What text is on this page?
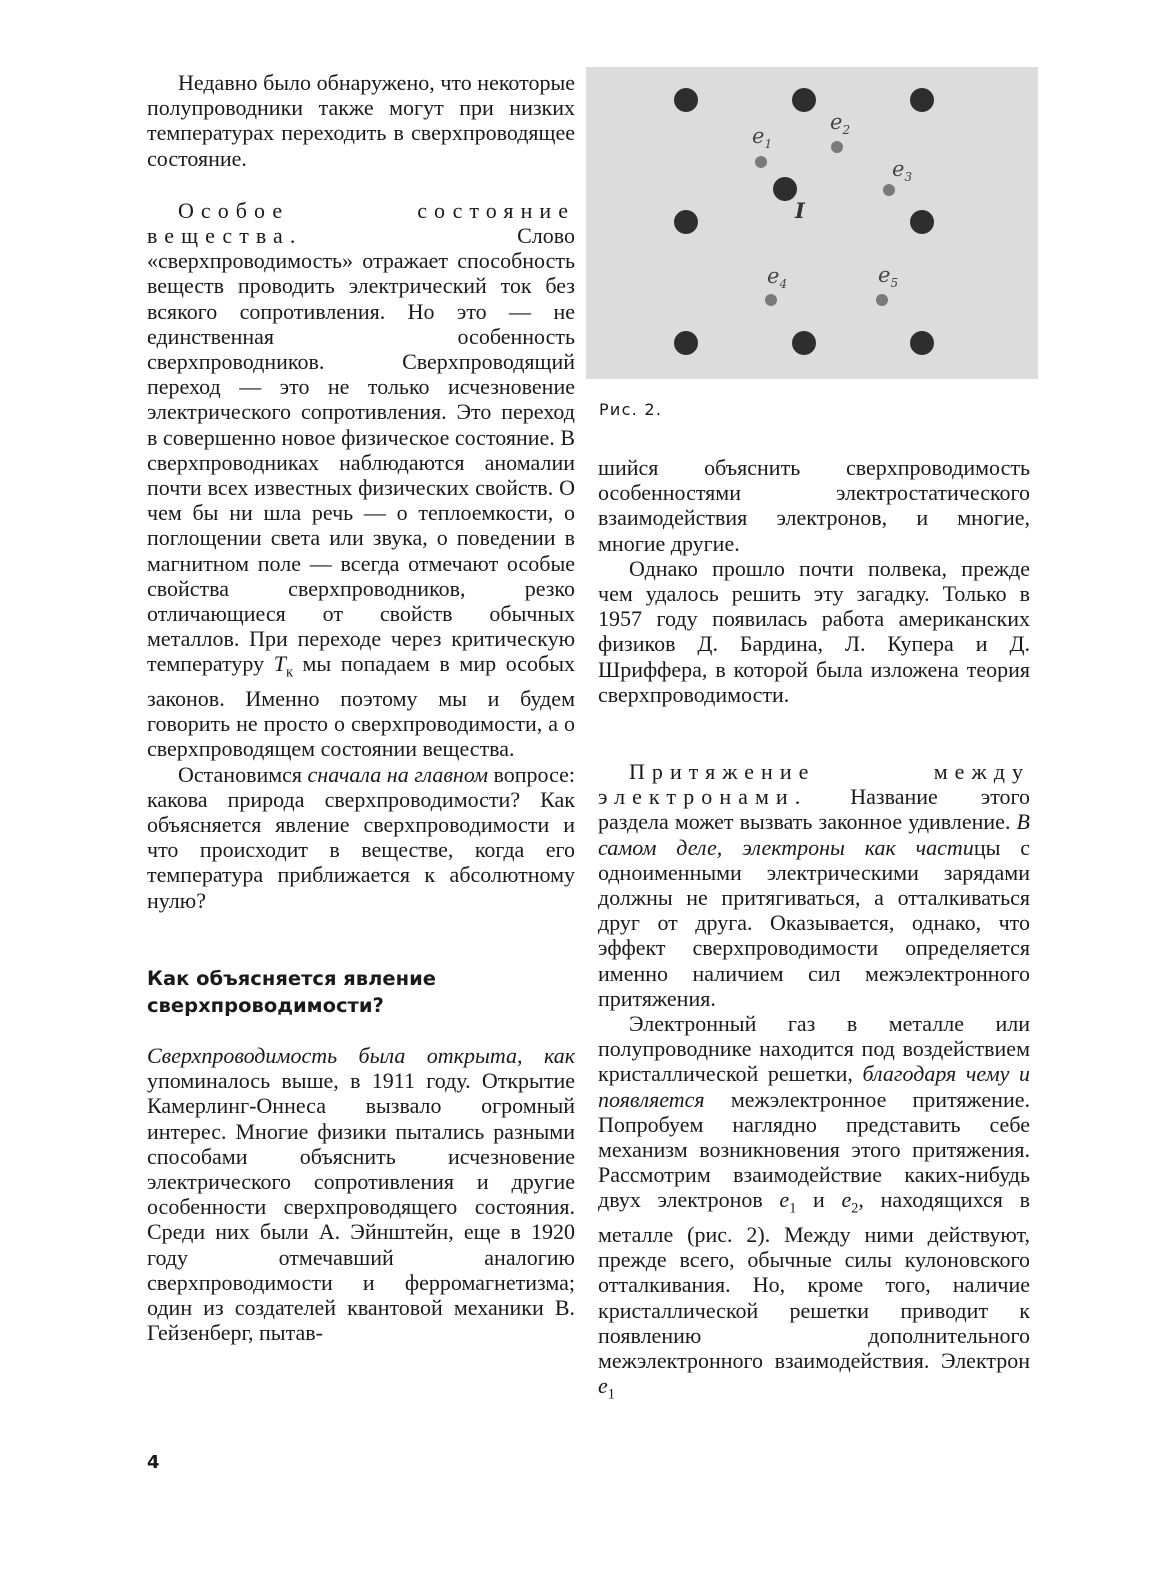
Недавно было обнаружено, что некоторые полупроводники также могут при низких температурах переходить в сверхпроводящее состояние.

Особое состояние вещества. Слово «сверхпроводимость» отражает способность веществ проводить электрический ток без всякого сопротивления. Но это — не единственная особенность сверхпроводников. Сверхпроводящий переход — это не только исчезновение электрического сопротивления. Это переход в совершенно новое физическое состояние. В сверхпроводниках наблюдаются аномалии почти всех известных физических свойств. О чем бы ни шла речь — о теплоемкости, о поглощении света или звука, о поведении в магнитном поле — всегда отмечают особые свойства сверхпроводников, резко отличающиеся от свойств обычных металлов. При переходе через критическую температуру $T_к$ мы попадаем в мир особых законов. Именно поэтому мы и будем говорить не просто о сверхпроводимости, а о сверхпроводящем состоянии вещества.

Остановимся сначала на главном вопросе: какова природа сверхпроводимости? Как объясняется явление сверхпроводимости и что происходит в веществе, когда его температура приближается к абсолютному нулю?

Как объясняется явление
сверхпроводимости?

Сверхпроводимость была открыта, как упоминалось выше, в 1911 году. Открытие Камерлинг-Оннеса вызвало огромный интерес. Многие физики пытались разными способами объяснить исчезновение электрического сопротивления и другие особенности сверхпроводящего состояния. Среди них были А. Эйнштейн, еще в 1920 году отмечавший аналогию сверхпроводимости и ферромагнетизма; один из создателей квантовой механики В. Гейзенберг, пытав-

$e_1$
$e_2$
$e_3$
$e_4$	$e_5$
I
Рис. 2.

шийся объяснить сверхпроводимость особенностями электростатического взаимодействия электронов, и многие, многие другие.

Однако прошло почти полвека, прежде чем удалось решить эту загадку. Только в 1957 году появилась работа американских физиков Д. Бардина, Л. Купера и Д. Шриффера, в которой была изложена теория сверхпроводимости.

Притяжение между электронами. Название этого раздела может вызвать законное удивление. В самом деле, электроны как частицы с одноименными электрическими зарядами должны не притягиваться, а отталкиваться друг от друга. Оказывается, однако, что эффект сверхпроводимости определяется именно наличием сил межэлектронного притяжения.

Электронный газ в металле или полупроводнике находится под воздействием кристаллической решетки, благодаря чему и появляется межэлектронное притяжение. Попробуем наглядно представить себе механизм возникновения этого притяжения. Рассмотрим взаимодействие каких-нибудь двух электронов $e_1$ и $e_2$, находящихся в металле (рис. 2). Между ними действуют, прежде всего, обычные силы кулоновского отталкивания. Но, кроме того, наличие кристаллической решетки приводит к появлению дополнительного межэлектронного взаимодействия. Электрон $e_1$

4
